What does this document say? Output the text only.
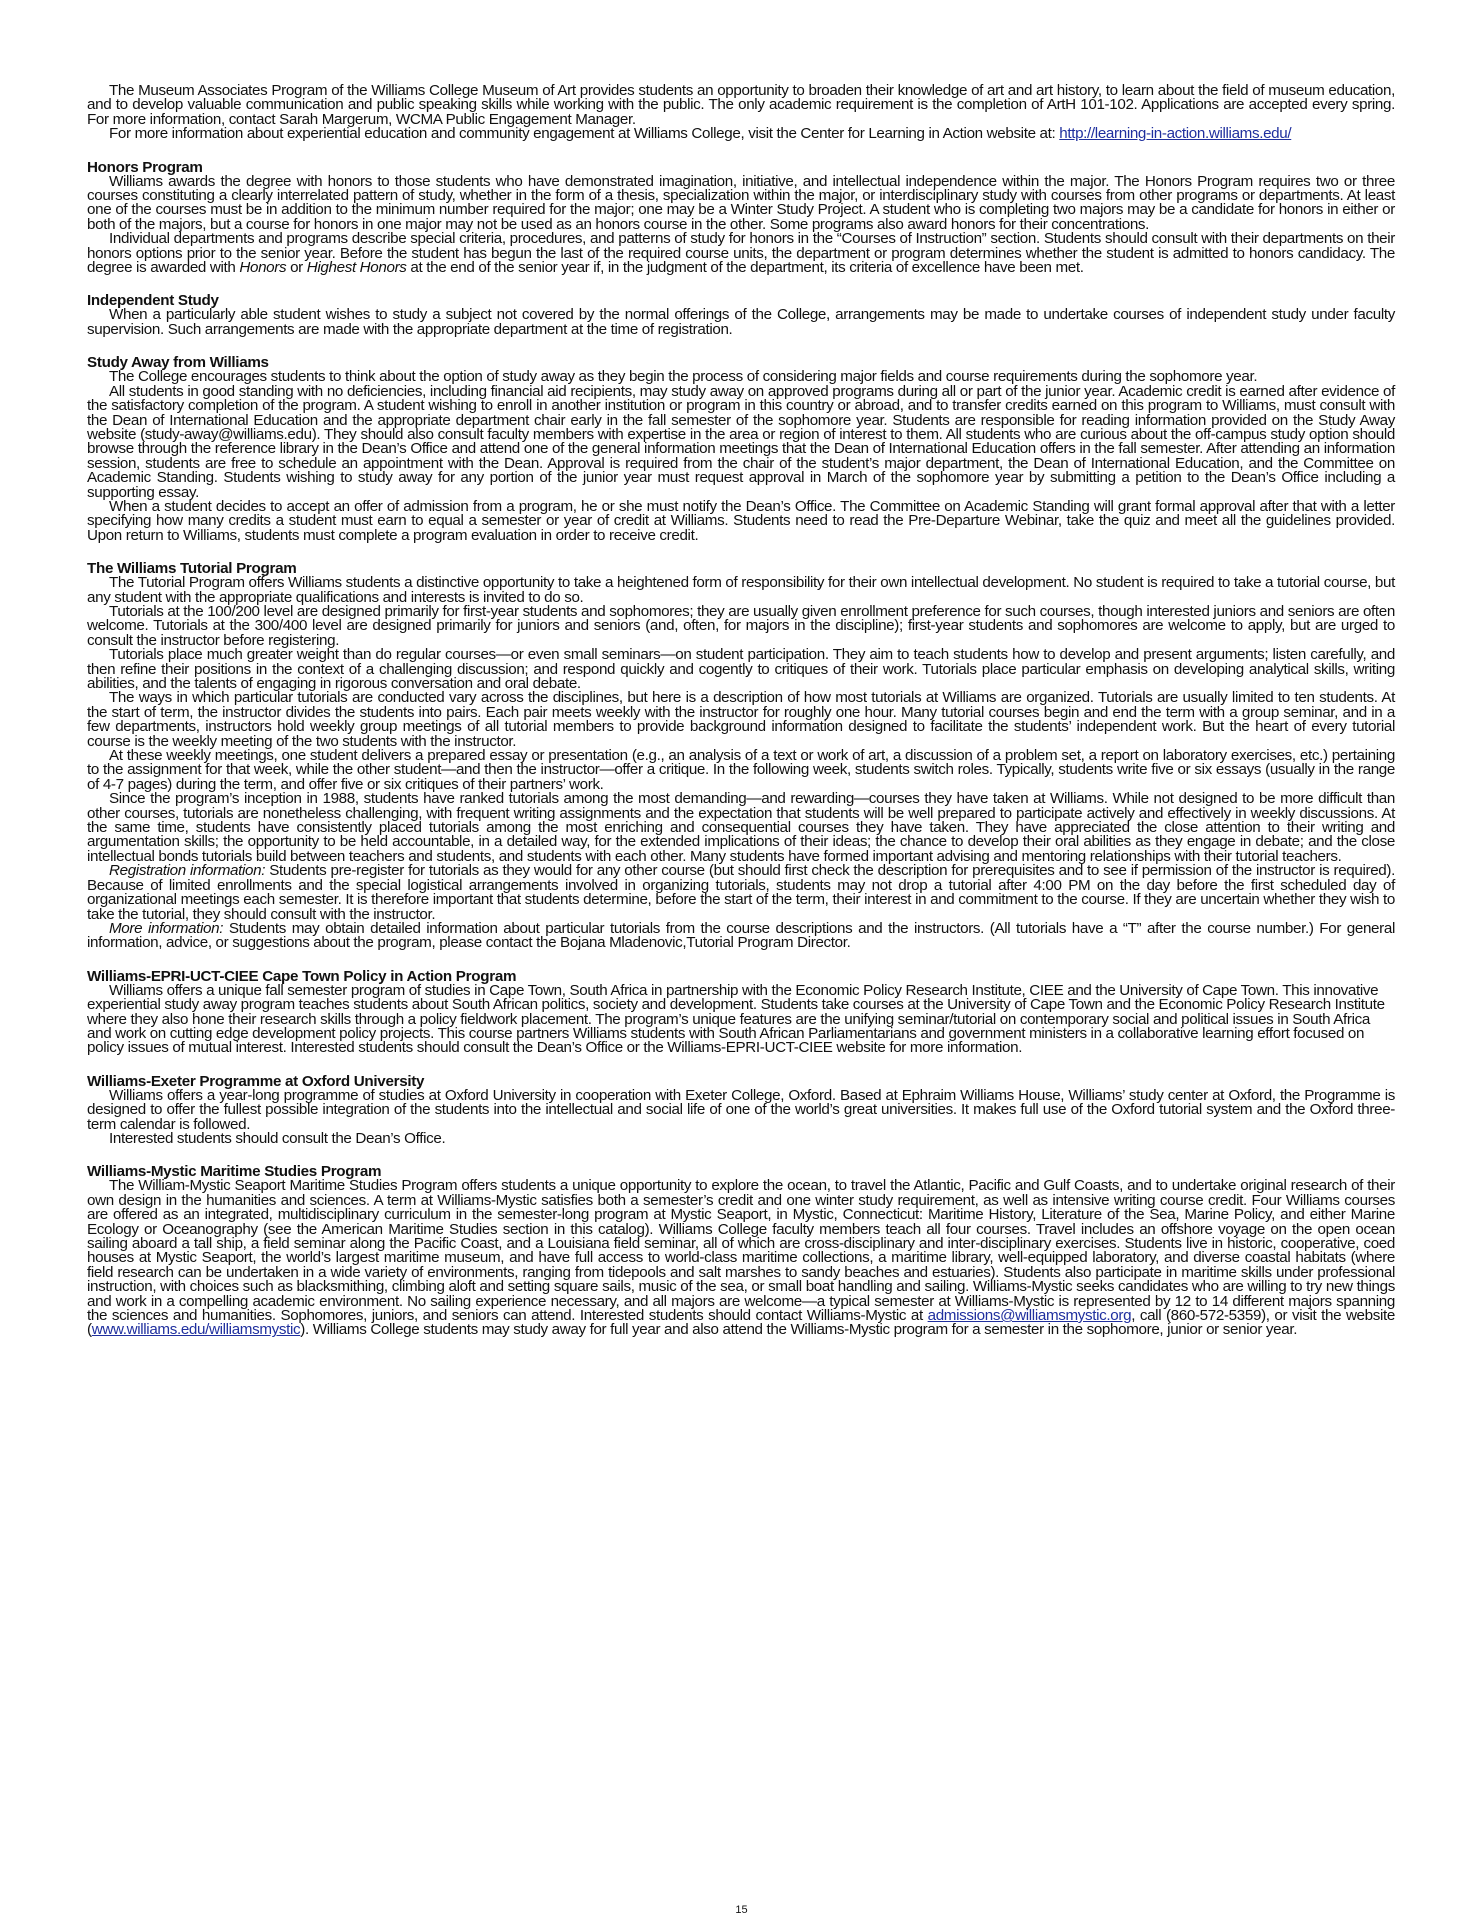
The Museum Associates Program of the Williams College Museum of Art provides students an opportunity to broaden their knowledge of art and art history, to learn about the field of museum education, and to develop valuable communication and public speaking skills while working with the public. The only academic requirement is the completion of ArtH 101-102. Applications are accepted every spring. For more information, contact Sarah Margerum, WCMA Public Engagement Manager.

For more information about experiential education and community engagement at Williams College, visit the Center for Learning in Action website at: http://learning-in-action.williams.edu/

Honors Program

Williams awards the degree with honors to those students who have demonstrated imagination, initiative, and intellectual independence within the major. The Honors Program requires two or three courses constituting a clearly interrelated pattern of study, whether in the form of a thesis, specialization within the major, or interdisciplinary study with courses from other programs or departments. At least one of the courses must be in addition to the minimum number required for the major; one may be a Winter Study Project. A student who is completing two majors may be a candidate for honors in either or both of the majors, but a course for honors in one major may not be used as an honors course in the other. Some programs also award honors for their concentrations.

Individual departments and programs describe special criteria, procedures, and patterns of study for honors in the “Courses of Instruction” section. Students should consult with their departments on their honors options prior to the senior year. Before the student has begun the last of the required course units, the department or program determines whether the student is admitted to honors candidacy. The degree is awarded with Honors or Highest Honors at the end of the senior year if, in the judgment of the department, its criteria of excellence have been met.

Independent Study

When a particularly able student wishes to study a subject not covered by the normal offerings of the College, arrangements may be made to undertake courses of independent study under faculty supervision. Such arrangements are made with the appropriate department at the time of registration.

Study Away from Williams

The College encourages students to think about the option of study away as they begin the process of considering major fields and course requirements during the sophomore year.

All students in good standing with no deficiencies, including financial aid recipients, may study away on approved programs during all or part of the junior year. Academic credit is earned after evidence of the satisfactory completion of the program. A student wishing to enroll in another institution or program in this country or abroad, and to transfer credits earned on this program to Williams, must consult with the Dean of International Education and the appropriate department chair early in the fall semester of the sophomore year. Students are responsible for reading information provided on the Study Away website (study-away@williams.edu). They should also consult faculty members with expertise in the area or region of interest to them. All students who are curious about the off-campus study option should browse through the reference library in the Dean’s Office and attend one of the general information meetings that the Dean of International Education offers in the fall semester. After attending an information session, students are free to schedule an appointment with the Dean. Approval is required from the chair of the student’s major department, the Dean of International Education, and the Committee on Academic Standing. Students wishing to study away for any portion of the junior year must request approval in March of the sophomore year by submitting a petition to the Dean’s Office including a supporting essay.

When a student decides to accept an offer of admission from a program, he or she must notify the Dean’s Office. The Committee on Academic Standing will grant formal approval after that with a letter specifying how many credits a student must earn to equal a semester or year of credit at Williams. Students need to read the Pre-Departure Webinar, take the quiz and meet all the guidelines provided. Upon return to Williams, students must complete a program evaluation in order to receive credit.

The Williams Tutorial Program

The Tutorial Program offers Williams students a distinctive opportunity to take a heightened form of responsibility for their own intellectual development. No student is required to take a tutorial course, but any student with the appropriate qualifications and interests is invited to do so.

Tutorials at the 100/200 level are designed primarily for first-year students and sophomores; they are usually given enrollment preference for such courses, though interested juniors and seniors are often welcome. Tutorials at the 300/400 level are designed primarily for juniors and seniors (and, often, for majors in the discipline); first-year students and sophomores are welcome to apply, but are urged to consult the instructor before registering.

Tutorials place much greater weight than do regular courses—or even small seminars—on student participation. They aim to teach students how to develop and present arguments; listen carefully, and then refine their positions in the context of a challenging discussion; and respond quickly and cogently to critiques of their work. Tutorials place particular emphasis on developing analytical skills, writing abilities, and the talents of engaging in rigorous conversation and oral debate.

The ways in which particular tutorials are conducted vary across the disciplines, but here is a description of how most tutorials at Williams are organized. Tutorials are usually limited to ten students. At the start of term, the instructor divides the students into pairs. Each pair meets weekly with the instructor for roughly one hour. Many tutorial courses begin and end the term with a group seminar, and in a few departments, instructors hold weekly group meetings of all tutorial members to provide background information designed to facilitate the students’ independent work. But the heart of every tutorial course is the weekly meeting of the two students with the instructor.

At these weekly meetings, one student delivers a prepared essay or presentation (e.g., an analysis of a text or work of art, a discussion of a problem set, a report on laboratory exercises, etc.) pertaining to the assignment for that week, while the other student—and then the instructor—offer a critique. In the following week, students switch roles. Typically, students write five or six essays (usually in the range of 4-7 pages) during the term, and offer five or six critiques of their partners’ work.

Since the program’s inception in 1988, students have ranked tutorials among the most demanding—and rewarding—courses they have taken at Williams. While not designed to be more difficult than other courses, tutorials are nonetheless challenging, with frequent writing assignments and the expectation that students will be well prepared to participate actively and effectively in weekly discussions. At the same time, students have consistently placed tutorials among the most enriching and consequential courses they have taken. They have appreciated the close attention to their writing and argumentation skills; the opportunity to be held accountable, in a detailed way, for the extended implications of their ideas; the chance to develop their oral abilities as they engage in debate; and the close intellectual bonds tutorials build between teachers and students, and students with each other. Many students have formed important advising and mentoring relationships with their tutorial teachers.

Registration information: Students pre-register for tutorials as they would for any other course (but should first check the description for prerequisites and to see if permission of the instructor is required). Because of limited enrollments and the special logistical arrangements involved in organizing tutorials, students may not drop a tutorial after 4:00 PM on the day before the first scheduled day of organizational meetings each semester. It is therefore important that students determine, before the start of the term, their interest in and commitment to the course. If they are uncertain whether they wish to take the tutorial, they should consult with the instructor.

More information: Students may obtain detailed information about particular tutorials from the course descriptions and the instructors. (All tutorials have a “T” after the course number.) For general information, advice, or suggestions about the program, please contact the Bojana Mladenovic,Tutorial Program Director.

Williams-EPRI-UCT-CIEE Cape Town Policy in Action Program

Williams offers a unique fall semester program of studies in Cape Town, South Africa in partnership with the Economic Policy Research Institute, CIEE and the University of Cape Town. This innovative experiential study away program teaches students about South African politics, society and development. Students take courses at the University of Cape Town and the Economic Policy Research Institute where they also hone their research skills through a policy fieldwork placement. The program’s unique features are the unifying seminar/tutorial on contemporary social and political issues in South Africa and work on cutting edge development policy projects. This course partners Williams students with South African Parliamentarians and government ministers in a collaborative learning effort focused on policy issues of mutual interest. Interested students should consult the Dean’s Office or the Williams-EPRI-UCT-CIEE website for more information.

Williams-Exeter Programme at Oxford University

Williams offers a year-long programme of studies at Oxford University in cooperation with Exeter College, Oxford. Based at Ephraim Williams House, Williams’ study center at Oxford, the Programme is designed to offer the fullest possible integration of the students into the intellectual and social life of one of the world’s great universities. It makes full use of the Oxford tutorial system and the Oxford three-term calendar is followed.

Interested students should consult the Dean’s Office.

Williams-Mystic Maritime Studies Program

The William-Mystic Seaport Maritime Studies Program offers students a unique opportunity to explore the ocean, to travel the Atlantic, Pacific and Gulf Coasts, and to undertake original research of their own design in the humanities and sciences. A term at Williams-Mystic satisfies both a semester’s credit and one winter study requirement, as well as intensive writing course credit. Four Williams courses are offered as an integrated, multidisciplinary curriculum in the semester-long program at Mystic Seaport, in Mystic, Connecticut: Maritime History, Literature of the Sea, Marine Policy, and either Marine Ecology or Oceanography (see the American Maritime Studies section in this catalog). Williams College faculty members teach all four courses. Travel includes an offshore voyage on the open ocean sailing aboard a tall ship, a field seminar along the Pacific Coast, and a Louisiana field seminar, all of which are cross-disciplinary and inter-disciplinary exercises. Students live in historic, cooperative, coed houses at Mystic Seaport, the world’s largest maritime museum, and have full access to world-class maritime collections, a maritime library, well-equipped laboratory, and diverse coastal habitats (where field research can be undertaken in a wide variety of environments, ranging from tidepools and salt marshes to sandy beaches and estuaries). Students also participate in maritime skills under professional instruction, with choices such as blacksmithing, climbing aloft and setting square sails, music of the sea, or small boat handling and sailing. Williams-Mystic seeks candidates who are willing to try new things and work in a compelling academic environment. No sailing experience necessary, and all majors are welcome—a typical semester at Williams-Mystic is represented by 12 to 14 different majors spanning the sciences and humanities. Sophomores, juniors, and seniors can attend. Interested students should contact Williams-Mystic at admissions@williamsmystic.org, call (860-572-5359), or visit the website (www.williams.edu/williamsmystic). Williams College students may study away for full year and also attend the Williams-Mystic program for a semester in the sophomore, junior or senior year.

15
